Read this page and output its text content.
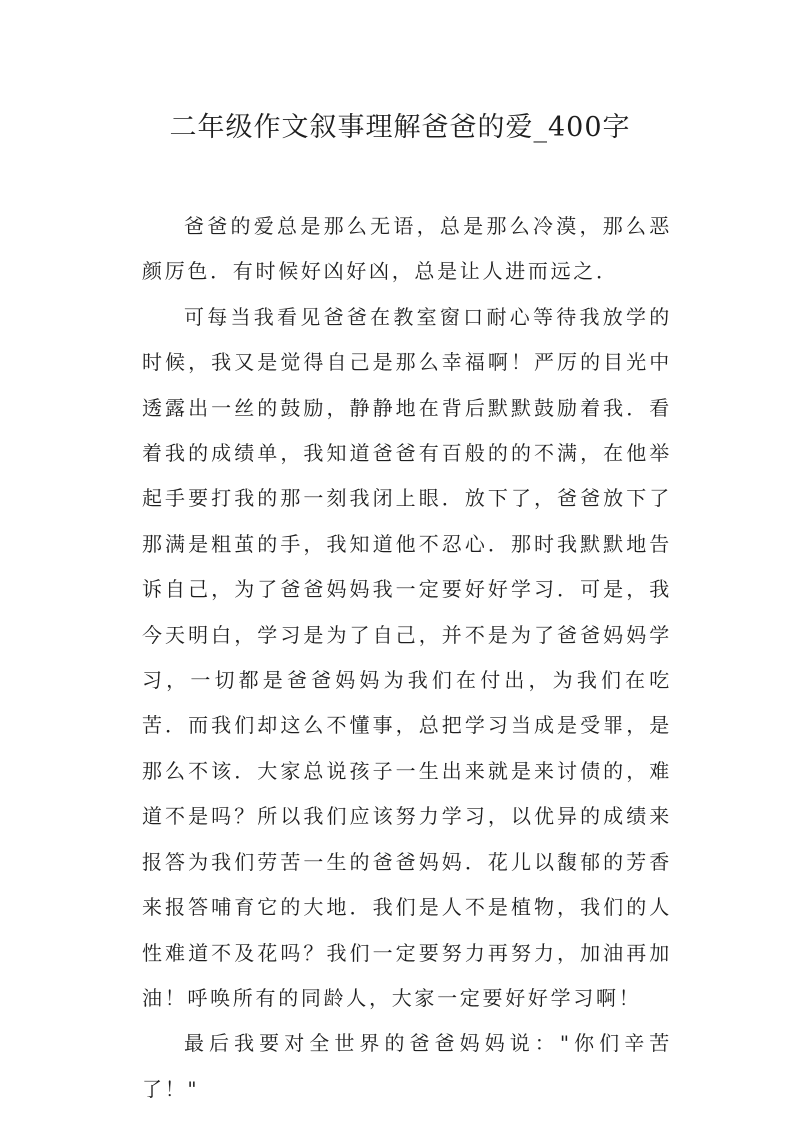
二年级作文叙事理解爸爸的爱_400字

爸爸的爱总是那么无语，总是那么冷漠，那么恶颜厉色．有时候好凶好凶，总是让人进而远之．

可每当我看见爸爸在教室窗口耐心等待我放学的时候，我又是觉得自己是那么幸福啊！严厉的目光中透露出一丝的鼓励，静静地在背后默默鼓励着我．看着我的成绩单，我知道爸爸有百般的的不满，在他举起手要打我的那一刻我闭上眼．放下了，爸爸放下了那满是粗茧的手，我知道他不忍心．那时我默默地告诉自己，为了爸爸妈妈我一定要好好学习．可是，我今天明白，学习是为了自己，并不是为了爸爸妈妈学习，一切都是爸爸妈妈为我们在付出，为我们在吃苦．而我们却这么不懂事，总把学习当成是受罪，是那么不该．大家总说孩子一生出来就是来讨债的，难道不是吗？所以我们应该努力学习，以优异的成绩来报答为我们劳苦一生的爸爸妈妈．花儿以馥郁的芳香来报答哺育它的大地．我们是人不是植物，我们的人性难道不及花吗？我们一定要努力再努力，加油再加油！呼唤所有的同龄人，大家一定要好好学习啊！

最后我要对全世界的爸爸妈妈说："你们辛苦了！"
